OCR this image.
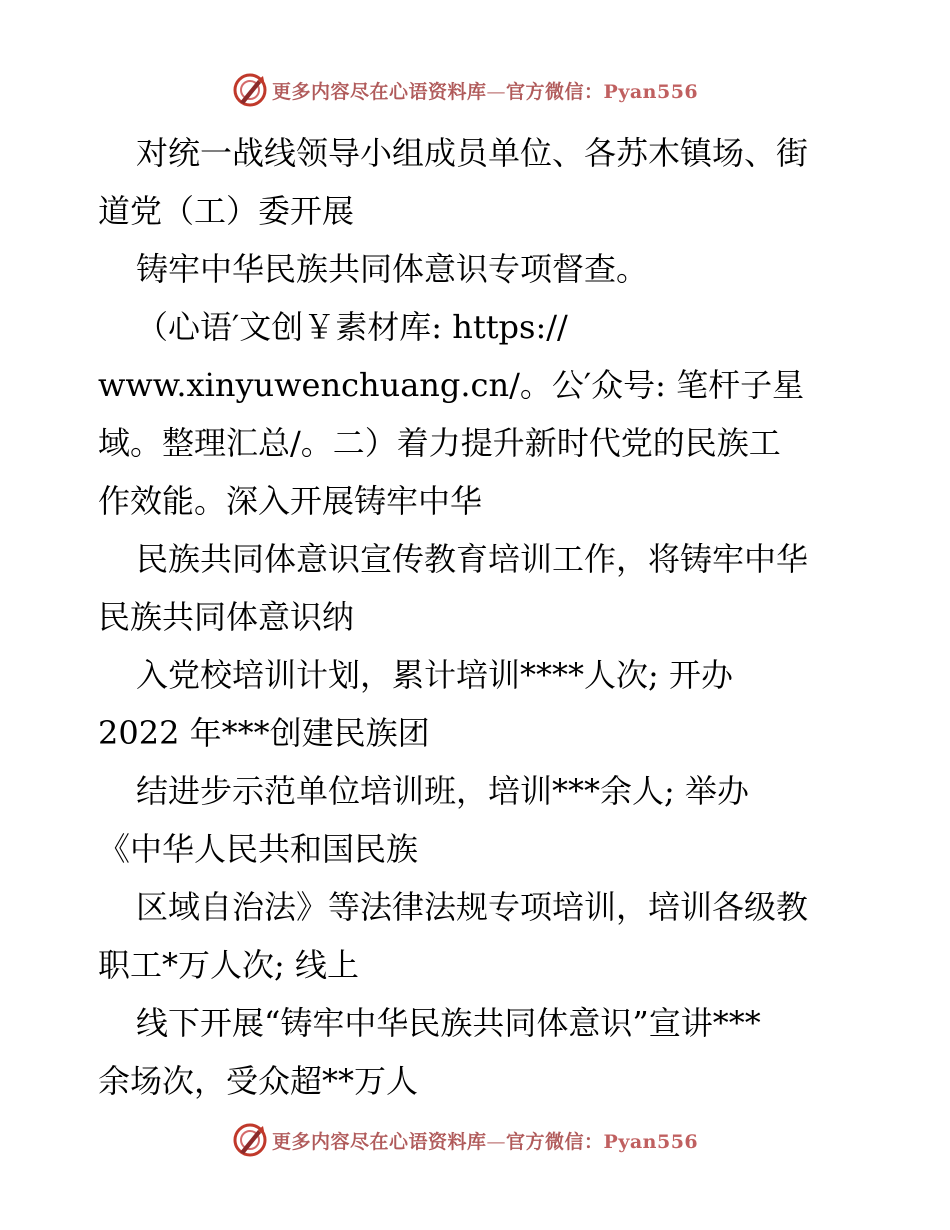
更多内容尽在心语资料库—官方微信：Pyan556

对统一战线领导小组成员单位、各苏木镇场、街

道党（工）委开展

铸牢中华民族共同体意识专项督查。

（心语′文创￥素材库: https://

www.xinyuwenchuang.cn/。公′众号: 笔杆子星

域。整理汇总/。二）着力提升新时代党的民族工

作效能。深入开展铸牢中华

民族共同体意识宣传教育培训工作，将铸牢中华

民族共同体意识纳

入党校培训计划，累计培训****人次; 开办

2022 年***创建民族团

结进步示范单位培训班，培训***余人; 举办

《中华人民共和国民族

区域自治法》等法律法规专项培训，培训各级教

职工*万人次; 线上

线下开展“铸牢中华民族共同体意识”宣讲***

余场次，受众超**万人

更多内容尽在心语资料库—官方微信：Pyan556
